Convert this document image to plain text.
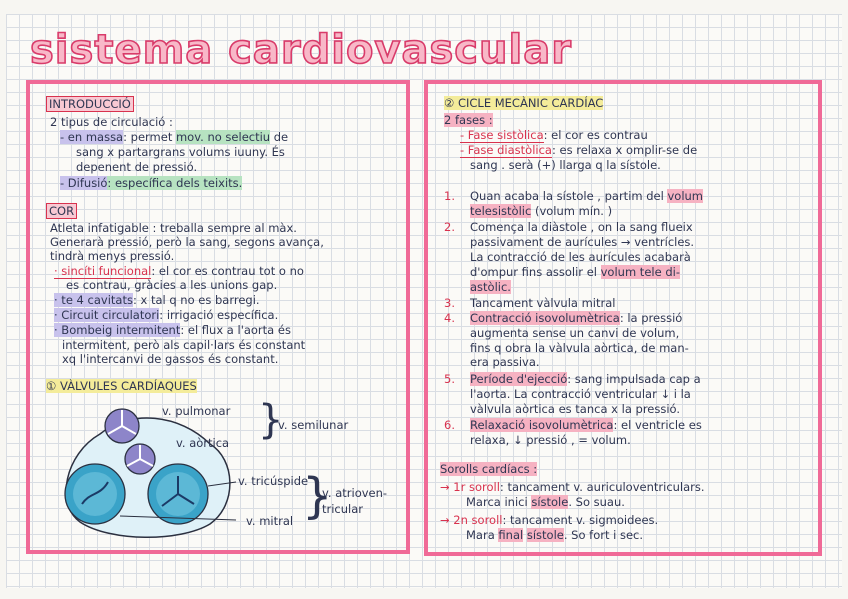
sistema cardiovascular
INTRODUCCIÓ
2 tipus de circulació :
- en massa: permet mov. no selectiu de
sang x partargrans volums iuuny. És
depenent de pressió.
- Difusió: específica dels teixits.
COR
Atleta infatigable : treballa sempre al màx.
Generarà pressió, però la sang, segons avança,
tindrà menys pressió.
· sincíti funcional: el cor es contrau tot o no
es contrau, gràcies a les unions gap.
· te 4 cavitats: x tal q no es barregi.
· Circuit circulatori: irrigació específica.
· Bombeig intermitent: el flux a l'aorta és
intermitent, però als capil·lars és constant
xq l'intercanvi de gassos és constant.
① VÀLVULES CARDÍAQUES
v. pulmonar
v. aòrtica }
v. semilunar
v. tricúspide
v. mitral }
v. atrioven-
tricular
② CICLE MECÀNIC CARDÍAC
2 fases :
- Fase sistòlica: el cor es contrau
- Fase diastòlica: es relaxa x omplir-se de
sang . serà (+) llarga q la sístole.
1. Quan acaba la sístole , partim del volum
telesistòlic (volum mín. )
2. Comença la diàstole , on la sang flueix
passivament de aurícules → ventrícles.
La contracció de les aurícules acabarà
d'ompur fins assolir el volum tele di-
astòlic.
3. Tancament vàlvula mitral
4. Contracció isovolumètrica: la pressió
augmenta sense un canvi de volum,
fins q obra la vàlvula aòrtica, de man-
era passiva.
5. Període d'ejecció: sang impulsada cap a
l'aorta. La contracció ventricular ↓ i la
vàlvula aòrtica es tanca x la pressió.
6. Relaxació isovolumètrica: el ventricle es
relaxa, ↓ pressió , = volum.
Sorolls cardíacs :
→ 1r soroll: tancament v. auriculoventriculars.
Marca inici sístole. So suau.
→ 2n soroll: tancament v. sigmoidees.
Mara final sístole. So fort i sec.
